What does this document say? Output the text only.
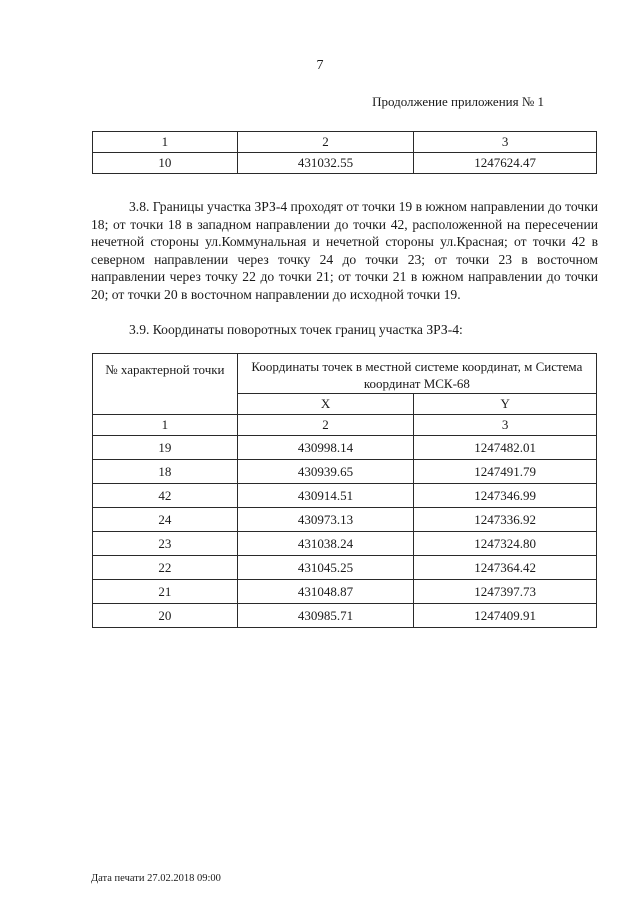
7
Продолжение приложения № 1
1	2	3
10	431032.55	1247624.47
3.8. Границы участка ЗРЗ-4 проходят от точки 19 в южном направлении до точки 18; от точки 18 в западном направлении до точки 42, расположенной на пересечении нечетной стороны ул.Коммунальная и нечетной стороны ул.Красная; от точки 42 в северном направлении через точку 24 до точки 23; от точки 23 в восточном направлении через точку 22 до точки 21; от точки 21 в южном направлении до точки 20; от точки 20 в восточном направлении до исходной точки 19.
3.9. Координаты поворотных точек границ участка ЗРЗ-4:
№ характерной точки	Координаты точек в местной системе координат, м Система координат МСК-68	
	X	Y
1	2	3
19	430998.14	1247482.01
18	430939.65	1247491.79
42	430914.51	1247346.99
24	430973.13	1247336.92
23	431038.24	1247324.80
22	431045.25	1247364.42
21	431048.87	1247397.73
20	430985.71	1247409.91
Дата печати 27.02.2018 09:00
